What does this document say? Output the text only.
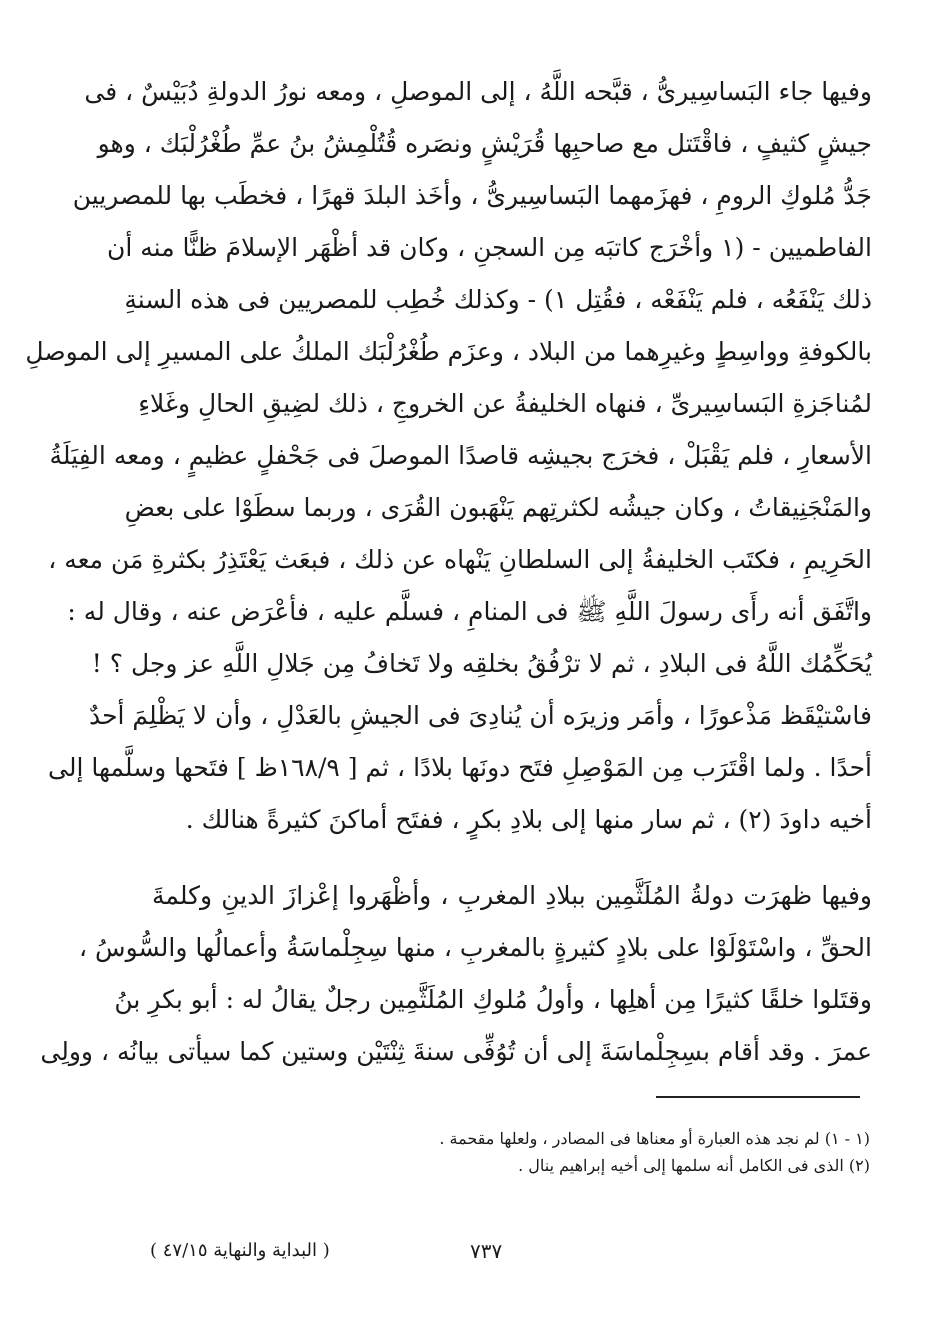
وفيها جاء البَساسِيرىُّ ، قبَّحه اللَّهُ ، إلى الموصلِ ، ومعه نورُ الدولةِ دُبَيْسٌ ، فى
جيشٍ كثيفٍ ، فاقْتَتل مع صاحبِها قُرَيْشٍ ونصَره قُتُلْمِشُ بنُ عمِّ طُغْرُلْبَك ، وهو
جَدُّ مُلوكِ الرومِ ، فهزَمهما البَساسِيرىُّ ، وأخَذ البلدَ قهرًا ، فخطَب بها للمصريين
الفاطميين - (١ وأخْرَج كاتبَه مِن السجنِ ، وكان قد أظْهَر الإسلامَ ظنًّا منه أن
ذلك يَنْفَعُه ، فلم يَنْفَعْه ، فقُتِل ١) - وكذلك خُطِب للمصريين فى هذه السنةِ
بالكوفةِ وواسِطٍ وغيرِهما من البلاد ، وعزَم طُغْرُلْبَك الملكُ على المسيرِ إلى الموصلِ
لمُناجَزةِ البَساسِيرىِّ ، فنهاه الخليفةُ عن الخروجِ ، ذلك لضِيقِ الحالِ وغَلاءِ
الأسعارِ ، فلم يَقْبَلْ ، فخرَج بجيشِه قاصدًا الموصلَ فى جَحْفلٍ عظيمٍ ، ومعه الفِيَلَةُ
والمَنْجَنِيقاتُ ، وكان جيشُه لكثرتِهم يَنْهَبون القُرَى ، وربما سطَوْا على بعضِ
الحَرِيمِ ، فكتَب الخليفةُ إلى السلطانِ يَنْهاه عن ذلك ، فبعَث يَعْتَذِرُ بكثرةِ مَن معه ،
واتَّفَق أنه رأَى رسولَ اللَّهِ ﷺ فى المنامِ ، فسلَّم عليه ، فأعْرَض عنه ، وقال له :
يُحَكِّمُك اللَّهُ فى البلادِ ، ثم لا ترْفُقُ بخلقِه ولا تَخافُ مِن جَلالِ اللَّهِ عز وجل ؟ !
فاسْتيْقَظ مَذْعورًا ، وأمَر وزيرَه أن يُنادِىَ فى الجيشِ بالعَدْلِ ، وأن لا يَظْلِمَ أحدٌ
أحدًا . ولما اقْتَرَب مِن المَوْصِلِ فتَح دونَها بلادًا ، ثم [ ١٦٨/٩ظ ] فتَحها وسلَّمها إلى
أخيه داودَ (٢) ، ثم سار منها إلى بلادِ بكرٍ ، ففتَح أماكنَ كثيرةً هنالك .
وفيها ظهرَت دولةُ المُلَثَّمِين ببلادِ المغربِ ، وأظْهَروا إعْزازَ الدينِ وكلمةَ
الحقِّ ، واسْتَوْلَوْا على بلادٍ كثيرةٍ بالمغربِ ، منها سِجِلْماسَةُ وأعمالُها والسُّوسُ ،
وقتَلوا خلقًا كثيرًا مِن أهلِها ، وأولُ مُلوكِ المُلَثَّمِين رجلٌ يقالُ له : أبو بكرِ بنُ
عمرَ . وقد أقام بسِجِلْماسَةَ إلى أن تُوُفِّى سنةَ ثِنْتَيْن وستين كما سيأتى بيانُه ، وولِى
(١ - ١) لم نجد هذه العبارة أو معناها فى المصادر ، ولعلها مقحمة .
(٢) الذى فى الكامل أنه سلمها إلى أخيه إبراهيم ينال .
٧٣٧
( البداية والنهاية ٤٧/١٥ )
